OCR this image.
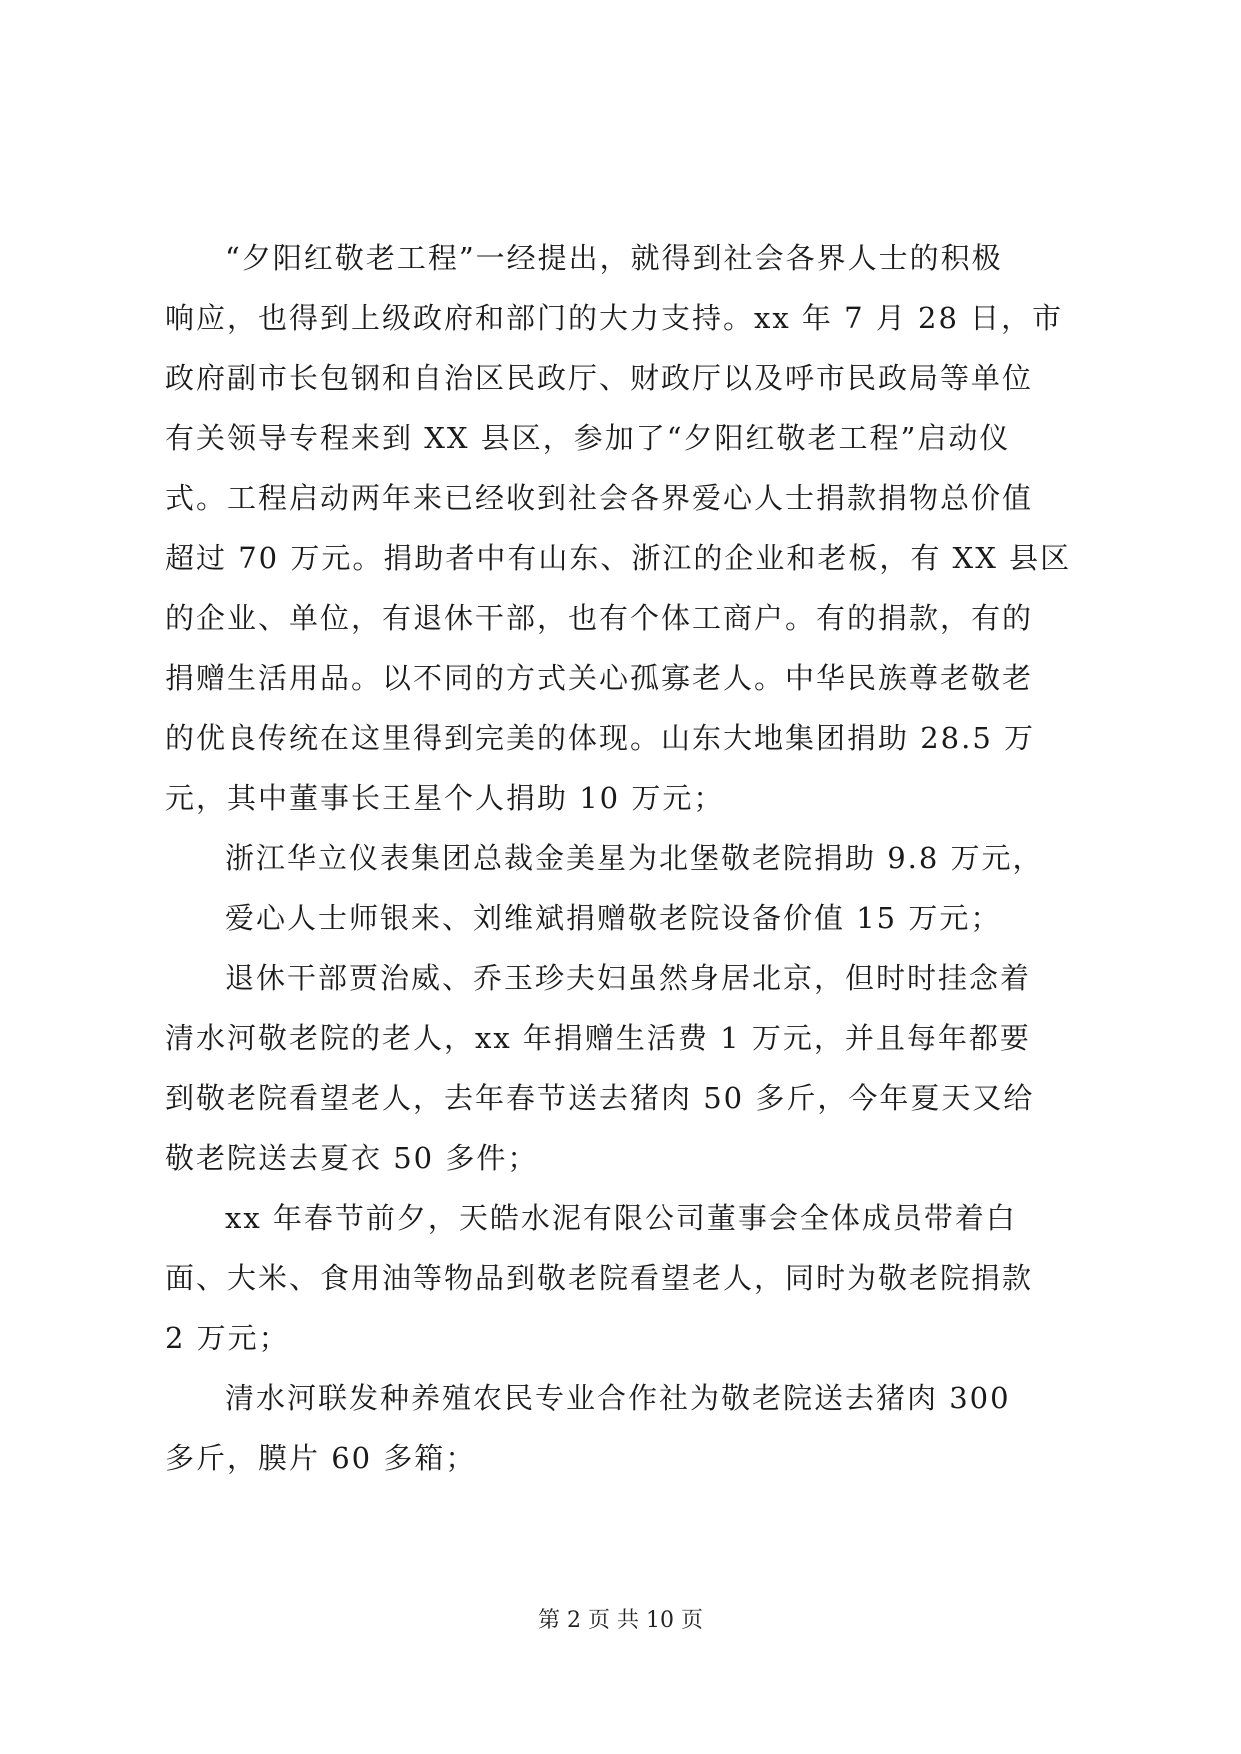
“夕阳红敬老工程”一经提出，就得到社会各界人士的积极
响应，也得到上级政府和部门的大力支持。xx 年 7 月 28 日，市
政府副市长包钢和自治区民政厅、财政厅以及呼市民政局等单位
有关领导专程来到 XX 县区，参加了“夕阳红敬老工程”启动仪
式。工程启动两年来已经收到社会各界爱心人士捐款捐物总价值
超过 70 万元。捐助者中有山东、浙江的企业和老板，有 XX 县区
的企业、单位，有退休干部，也有个体工商户。有的捐款，有的
捐赠生活用品。以不同的方式关心孤寡老人。中华民族尊老敬老
的优良传统在这里得到完美的体现。山东大地集团捐助 28.5 万
元，其中董事长王星个人捐助 10 万元；
浙江华立仪表集团总裁金美星为北堡敬老院捐助 9.8 万元，
爱心人士师银来、刘维斌捐赠敬老院设备价值 15 万元；
退休干部贾治威、乔玉珍夫妇虽然身居北京，但时时挂念着
清水河敬老院的老人，xx 年捐赠生活费 1 万元，并且每年都要
到敬老院看望老人，去年春节送去猪肉 50 多斤，今年夏天又给
敬老院送去夏衣 50 多件；
xx 年春节前夕，天皓水泥有限公司董事会全体成员带着白
面、大米、食用油等物品到敬老院看望老人，同时为敬老院捐款
2 万元；
清水河联发种养殖农民专业合作社为敬老院送去猪肉 300
多斤，膜片 60 多箱；
第 2 页 共 10 页
